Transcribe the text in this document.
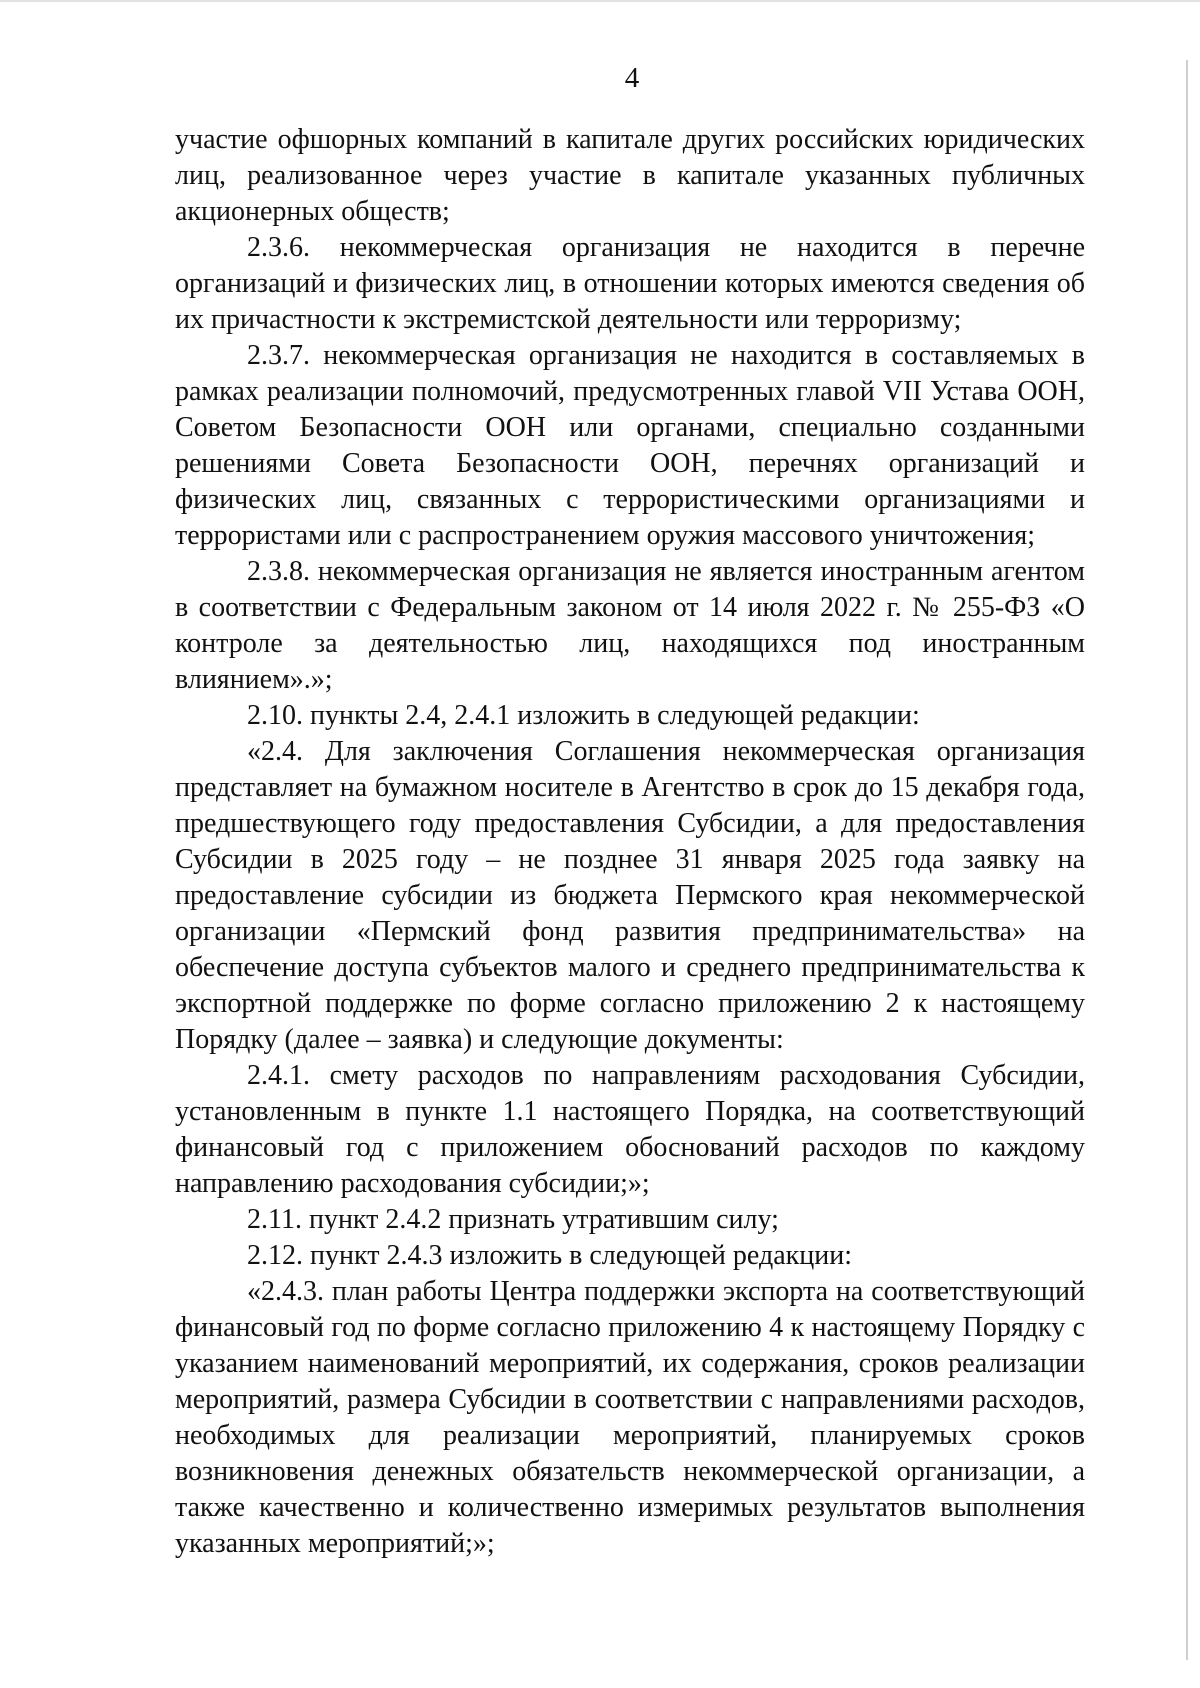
4

участие офшорных компаний в капитале других российских юридических лиц, реализованное через участие в капитале указанных публичных акционерных обществ;

2.3.6. некоммерческая организация не находится в перечне организаций и физических лиц, в отношении которых имеются сведения об их причастности к экстремистской деятельности или терроризму;

2.3.7. некоммерческая организация не находится в составляемых в рамках реализации полномочий, предусмотренных главой VII Устава ООН, Советом Безопасности ООН или органами, специально созданными решениями Совета Безопасности ООН, перечнях организаций и физических лиц, связанных с террористическими организациями и террористами или с распространением оружия массового уничтожения;

2.3.8. некоммерческая организация не является иностранным агентом в соответствии с Федеральным законом от 14 июля 2022 г. № 255-ФЗ «О контроле за деятельностью лиц, находящихся под иностранным влиянием».»;

2.10. пункты 2.4, 2.4.1 изложить в следующей редакции:

«2.4. Для заключения Соглашения некоммерческая организация представляет на бумажном носителе в Агентство в срок до 15 декабря года, предшествующего году предоставления Субсидии, а для предоставления Субсидии в 2025 году – не позднее 31 января 2025 года заявку на предоставление субсидии из бюджета Пермского края некоммерческой организации «Пермский фонд развития предпринимательства» на обеспечение доступа субъектов малого и среднего предпринимательства к экспортной поддержке по форме согласно приложению 2 к настоящему Порядку (далее – заявка) и следующие документы:

2.4.1. смету расходов по направлениям расходования Субсидии, установленным в пункте 1.1 настоящего Порядка, на соответствующий финансовый год с приложением обоснований расходов по каждому направлению расходования субсидии;»;

2.11. пункт 2.4.2 признать утратившим силу;

2.12. пункт 2.4.3 изложить в следующей редакции:

«2.4.3. план работы Центра поддержки экспорта на соответствующий финансовый год по форме согласно приложению 4 к настоящему Порядку с указанием наименований мероприятий, их содержания, сроков реализации мероприятий, размера Субсидии в соответствии с направлениями расходов, необходимых для реализации мероприятий, планируемых сроков возникновения денежных обязательств некоммерческой организации, а также качественно и количественно измеримых результатов выполнения указанных мероприятий;»;
